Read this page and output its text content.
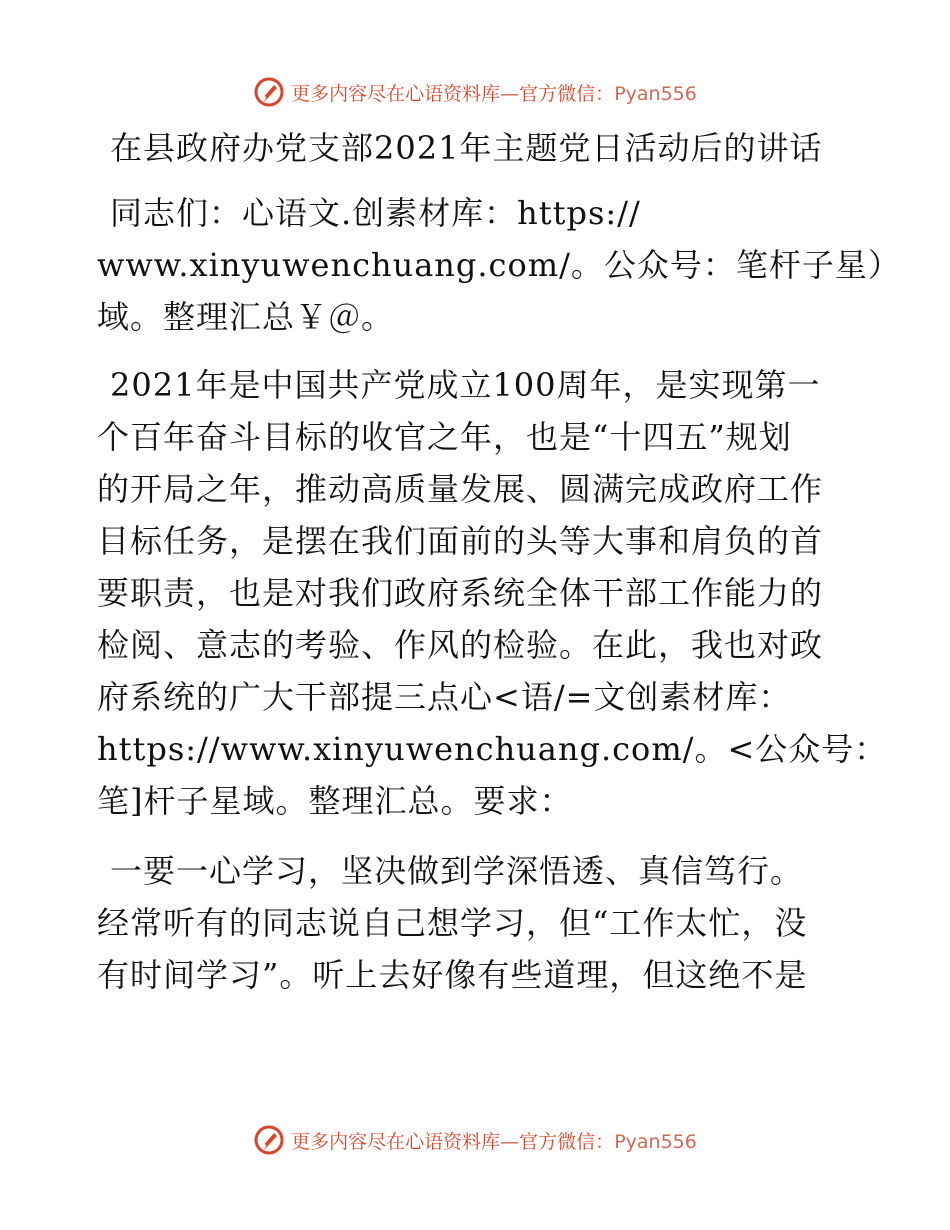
更多内容尽在心语资料库—官方微信：Pyan556
在县政府办党支部2021年主题党日活动后的讲话

同志们：心语文.创素材库：https://
www.xinyuwenchuang.com/。公众号：笔杆子星）
域。整理汇总￥＠。

2021年是中国共产党成立100周年，是实现第一
个百年奋斗目标的收官之年，也是“十四五”规划
的开局之年，推动高质量发展、圆满完成政府工作
目标任务，是摆在我们面前的头等大事和肩负的首
要职责，也是对我们政府系统全体干部工作能力的
检阅、意志的考验、作风的检验。在此，我也对政
府系统的广大干部提三点心<语/=文创素材库：
https://www.xinyuwenchuang.com/。<公众号：
笔]杆子星域。整理汇总。要求：

一要一心学习，坚决做到学深悟透、真信笃行。
经常听有的同志说自己想学习，但“工作太忙，没
有时间学习”。听上去好像有些道理，但这绝不是

更多内容尽在心语资料库—官方微信：Pyan556
